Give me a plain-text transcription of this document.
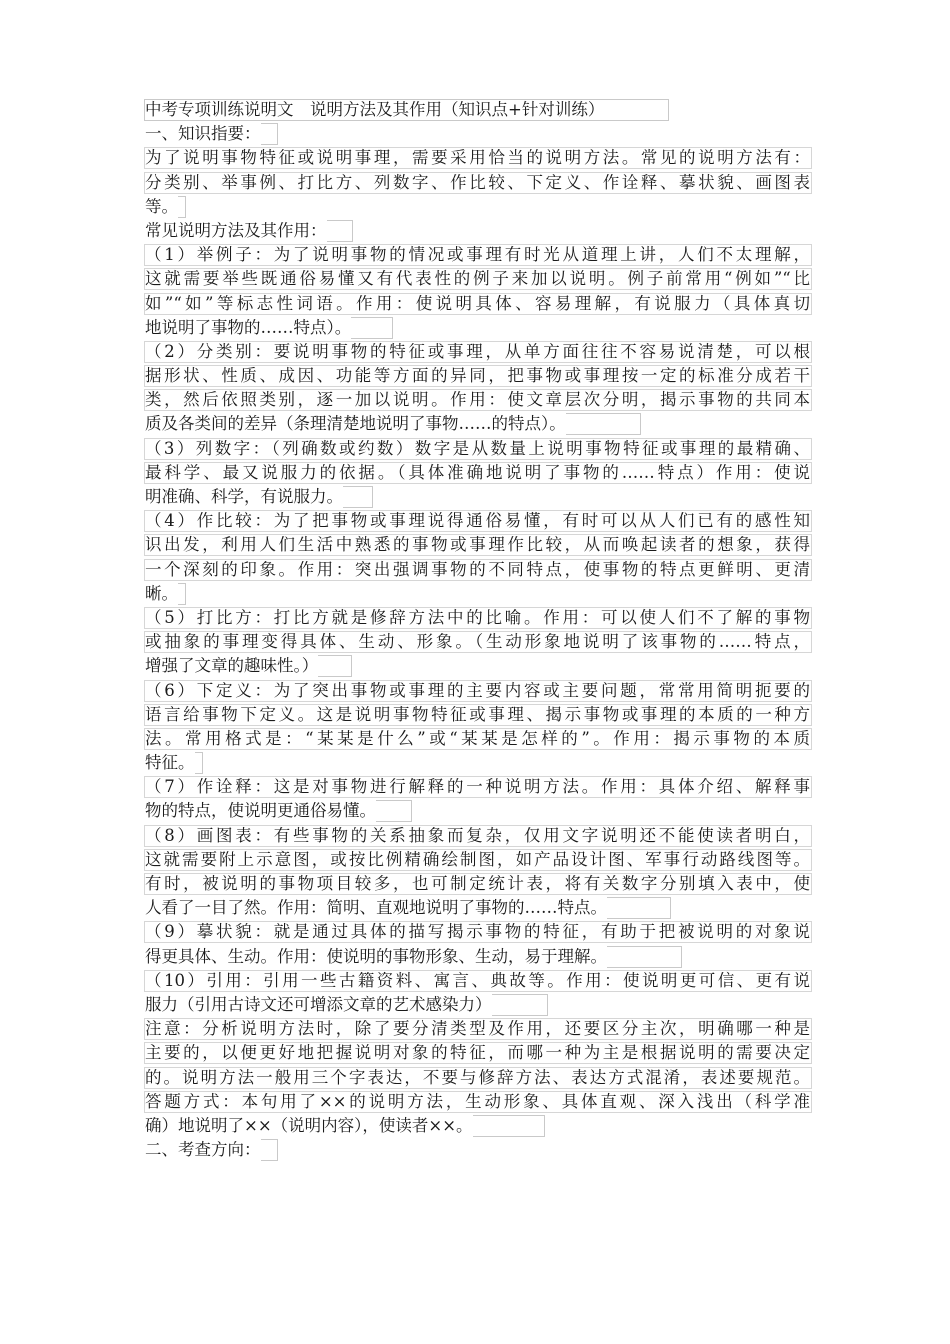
中考专项训练说明文　说明方法及其作用（知识点+针对训练）
一、知识指要：
为了说明事物特征或说明事理，需要采用恰当的说明方法。常见的说明方法有：
分类别、举事例、打比方、列数字、作比较、下定义、作诠释、摹状貌、画图表
等。
常见说明方法及其作用：
（1）举例子：为了说明事物的情况或事理有时光从道理上讲，人们不太理解，
这就需要举些既通俗易懂又有代表性的例子来加以说明。例子前常用“例如”“比
如”“如”等标志性词语。作用：使说明具体、容易理解，有说服力（具体真切
地说明了事物的……特点）。
（2）分类别：要说明事物的特征或事理，从单方面往往不容易说清楚，可以根
据形状、性质、成因、功能等方面的异同，把事物或事理按一定的标准分成若干
类，然后依照类别，逐一加以说明。作用：使文章层次分明，揭示事物的共同本
质及各类间的差异（条理清楚地说明了事物……的特点）。
（3）列数字：（列确数或约数）数字是从数量上说明事物特征或事理的最精确、
最科学、最又说服力的依据。（具体准确地说明了事物的……特点）作用：使说
明准确、科学，有说服力。
（4）作比较：为了把事物或事理说得通俗易懂，有时可以从人们已有的感性知
识出发，利用人们生活中熟悉的事物或事理作比较，从而唤起读者的想象，获得
一个深刻的印象。作用：突出强调事物的不同特点，使事物的特点更鲜明、更清
晰。
（5）打比方：打比方就是修辞方法中的比喻。作用：可以使人们不了解的事物
或抽象的事理变得具体、生动、形象。（生动形象地说明了该事物的……特点，
增强了文章的趣味性。）
（6）下定义：为了突出事物或事理的主要内容或主要问题，常常用简明扼要的
语言给事物下定义。这是说明事物特征或事理、揭示事物或事理的本质的一种方
法。常用格式是：“某某是什么”或“某某是怎样的”。作用：揭示事物的本质
特征。
（7）作诠释：这是对事物进行解释的一种说明方法。作用：具体介绍、解释事
物的特点，使说明更通俗易懂。
（8）画图表：有些事物的关系抽象而复杂，仅用文字说明还不能使读者明白，
这就需要附上示意图，或按比例精确绘制图，如产品设计图、军事行动路线图等。
有时，被说明的事物项目较多，也可制定统计表，将有关数字分别填入表中，使
人看了一目了然。作用：简明、直观地说明了事物的……特点。
（9）摹状貌：就是通过具体的描写揭示事物的特征，有助于把被说明的对象说
得更具体、生动。作用：使说明的事物形象、生动，易于理解。
（10）引用：引用一些古籍资料、寓言、典故等。作用：使说明更可信、更有说
服力（引用古诗文还可增添文章的艺术感染力）
注意：分析说明方法时，除了要分清类型及作用，还要区分主次，明确哪一种是
主要的，以便更好地把握说明对象的特征，而哪一种为主是根据说明的需要决定
的。说明方法一般用三个字表达，不要与修辞方法、表达方式混淆，表述要规范。
答题方式：本句用了××的说明方法，生动形象、具体直观、深入浅出（科学准
确）地说明了××（说明内容），使读者××。
二、考查方向：
